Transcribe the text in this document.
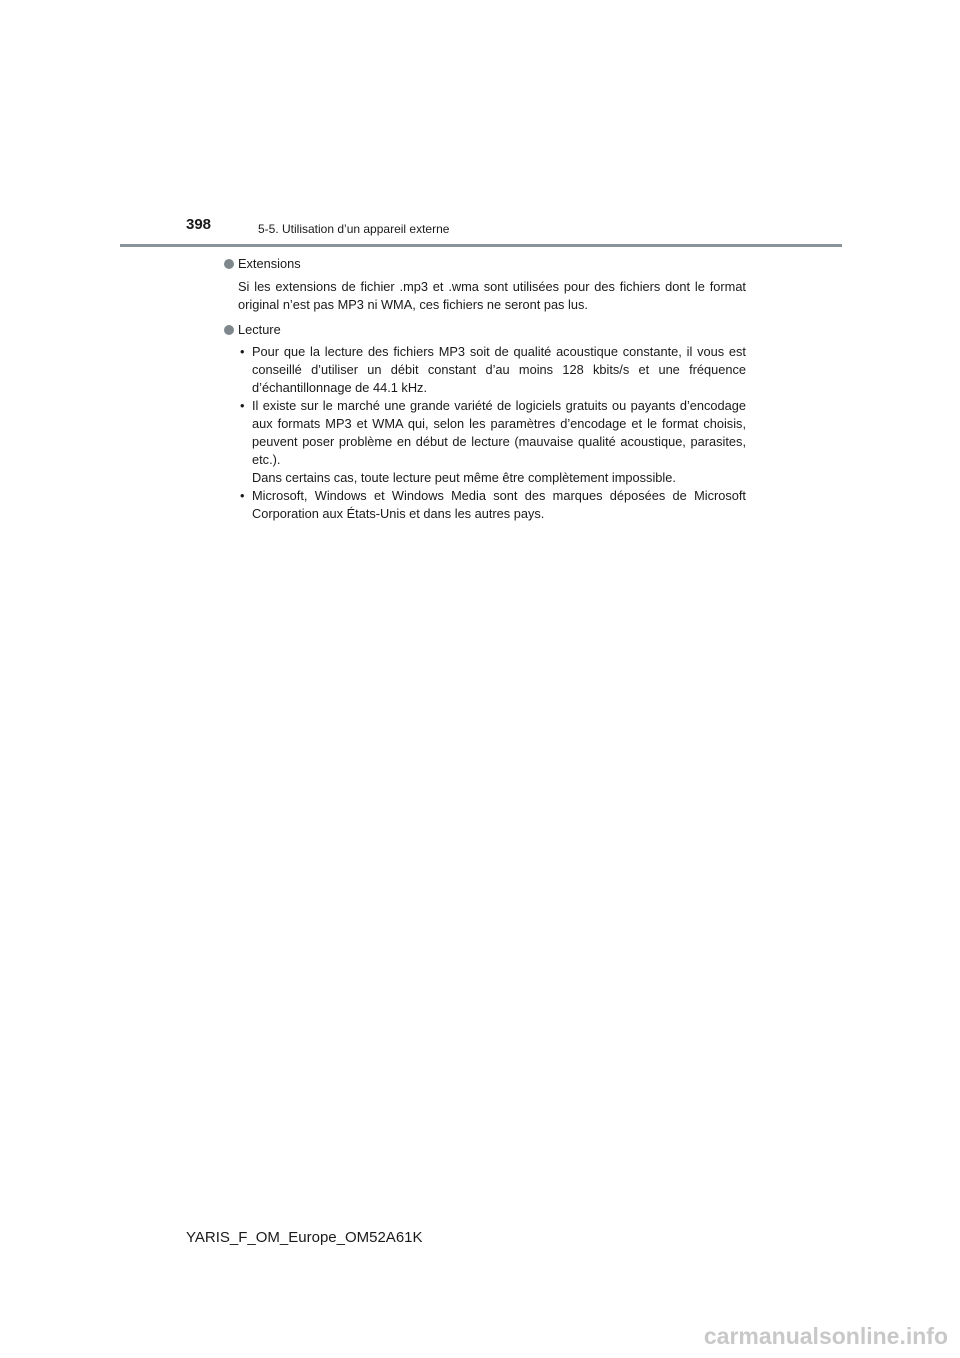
398	5-5. Utilisation d’un appareil externe
Extensions

Si les extensions de fichier .mp3 et .wma sont utilisées pour des fichiers dont le format original n’est pas MP3 ni WMA, ces fichiers ne seront pas lus.

Lecture
• Pour que la lecture des fichiers MP3 soit de qualité acoustique constante, il vous est conseillé d’utiliser un débit constant d’au moins 128 kbits/s et une fréquence d’échantillonnage de 44.1 kHz.
• Il existe sur le marché une grande variété de logiciels gratuits ou payants d’encodage aux formats MP3 et WMA qui, selon les paramètres d’encodage et le format choisis, peuvent poser problème en début de lecture (mauvaise qualité acoustique, parasites, etc.).
Dans certains cas, toute lecture peut même être complètement impossible.
• Microsoft, Windows et Windows Media sont des marques déposées de Microsoft Corporation aux États-Unis et dans les autres pays.
YARIS_F_OM_Europe_OM52A61K
carmanualsonline.info
